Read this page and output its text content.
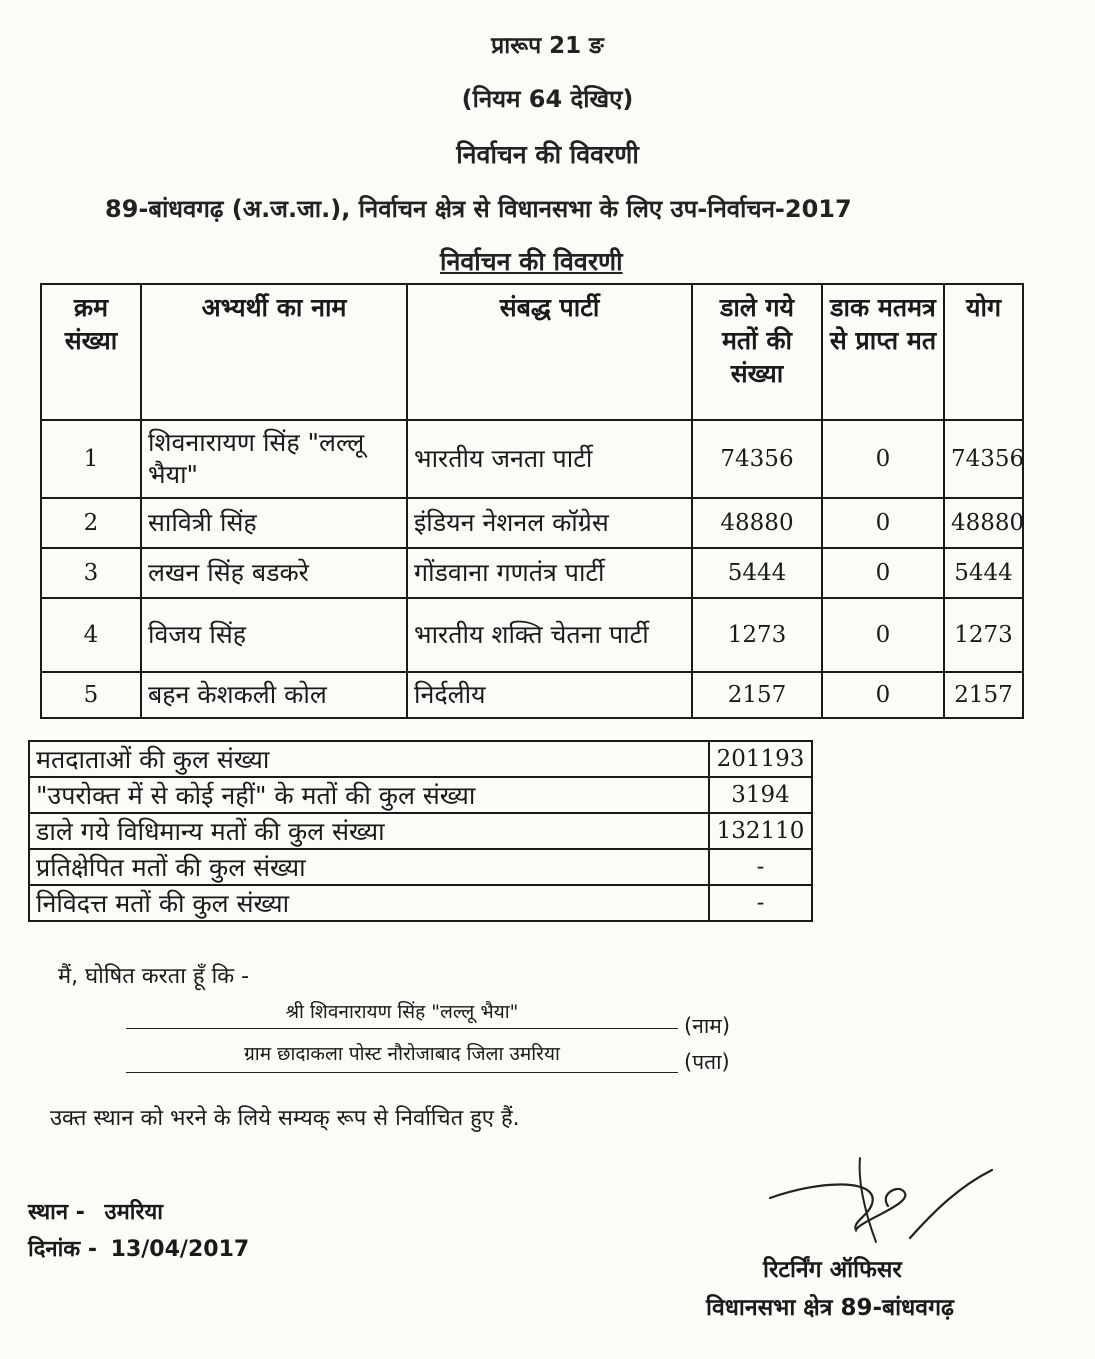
प्रारूप 21 ङ
(नियम 64 देखिए)
निर्वाचन की विवरणी
89-बांधवगढ़ (अ.ज.जा.), निर्वाचन क्षेत्र से विधानसभा के लिए उप-निर्वाचन-2017
निर्वाचन की विवरणी
क्रम संख्या	अभ्यर्थी का नाम	संबद्ध पार्टी	डाले गये मतों की संख्या	डाक मतमत्र से प्राप्त मत	योग
1	शिवनारायण सिंह "लल्लू भैया"	भारतीय जनता पार्टी	74356	0	74356
2	सावित्री सिंह	इंडियन नेशनल कॉग्रेस	48880	0	48880
3	लखन सिंह बडकरे	गोंडवाना गणतंत्र पार्टी	5444	0	5444
4	विजय सिंह	भारतीय शक्ति चेतना पार्टी	1273	0	1273
5	बहन केशकली कोल	निर्दलीय	2157	0	2157
मतदाताओं की कुल संख्या	201193
"उपरोक्त में से कोई नहीं" के मतों की कुल संख्या	3194
डाले गये विधिमान्य मतों की कुल संख्या	132110
प्रतिक्षेपित मतों की कुल संख्या	-
निविदत्त मतों की कुल संख्या	-
मैं, घोषित करता हूँ कि -
श्री शिवनारायण सिंह "लल्लू भैया"
(नाम)
ग्राम छादाकला पोस्ट नौरोजाबाद जिला उमरिया	(पता)
उक्त स्थान को भरने के लिये सम्यक् रूप से निर्वाचित हुए हैं.
स्थान - उमरिया
दिनांक - 13/04/2017
रिटर्निंग ऑफिसर
विधानसभा क्षेत्र 89-बांधवगढ़
